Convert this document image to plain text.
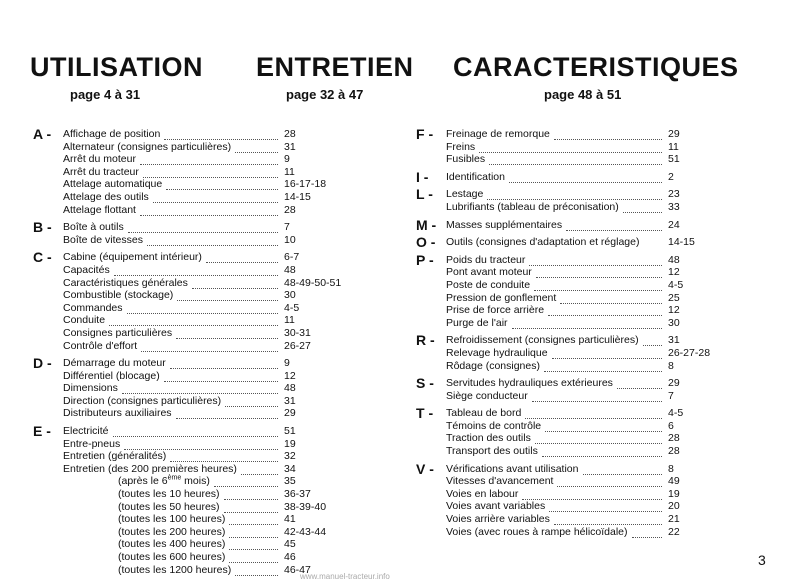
UTILISATION
page 4 à 31
ENTRETIEN
page 32 à 47
CARACTERISTIQUES
page 48 à 51
A -	Affichage de position	28
Alternateur (consignes particulières)	31
Arrêt du moteur	9
Arrêt du tracteur	11
Attelage automatique	16-17-18
Attelage des outils	14-15
Attelage flottant	28
B -	Boîte à outils	7
Boîte de vitesses	10
C -	Cabine (équipement intérieur)	6-7
Capacités	48
Caractéristiques générales	48-49-50-51
Combustible (stockage)	30
Commandes	4-5
Conduite	11
Consignes particulières	30-31
Contrôle d'effort	26-27
D -	Démarrage du moteur	9
Différentiel (blocage)	12
Dimensions	48
Direction (consignes particulières)	31
Distributeurs auxiliaires	29
E -	Electricité	51
Entre-pneus	19
Entretien (généralités)	32
Entretien (des 200 premières heures)	34
(après le 6ème mois)	35
(toutes les 10 heures)	36-37
(toutes les 50 heures)	38-39-40
(toutes les 100 heures)	41
(toutes les 200 heures)	42-43-44
(toutes les 400 heures)	45
(toutes les 600 heures)	46
(toutes les 1200 heures)	46-47
F -	Freinage de remorque	29
Freins	11
Fusibles	51
I -	Identification	2
L -	Lestage	23
Lubrifiants (tableau de préconisation)	33
M - Masses supplémentaires	24
O -	Outils (consignes d'adaptation et réglage)	14-15
P -	Poids du tracteur	48
Pont avant moteur	12
Poste de conduite	4-5
Pression de gonflement	25
Prise de force arrière	12
Purge de l'air	30
R -	Refroidissement (consignes particulières)	31
Relevage hydraulique	26-27-28
Rôdage (consignes)	8
S -	Servitudes hydrauliques extérieures	29
Siège conducteur	7
T -	Tableau de bord	4-5
Témoins de contrôle	6
Traction des outils	28
Transport des outils	28
V -	Vérifications avant utilisation	8
Vitesses d'avancement	49
Voies en labour	19
Voies avant variables	20
Voies arrière variables	21
Voies (avec roues à rampe hélicoïdale)	22
3
www.manuel-tracteur.info
